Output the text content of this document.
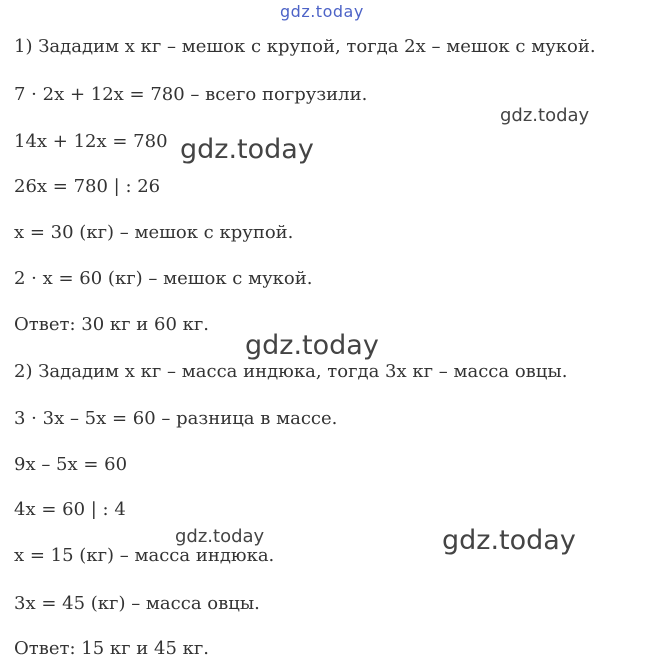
gdz.today

1) Зададим x кг – мешок с крупой, тогда 2x – мешок с мукой.

7 · 2x + 12x = 780 – всего погрузили.

14x + 12x = 780

26x = 780 | : 26

x = 30 (кг) – мешок с крупой.

2 · x = 60 (кг) – мешок с мукой.

Ответ: 30 кг и 60 кг.

2) Зададим x кг – масса индюка, тогда 3x кг – масса овцы.

3 · 3x – 5x = 60 – разница в массе.

9x – 5x = 60

4x = 60 | : 4

x = 15 (кг) – масса индюка.

3x = 45 (кг) – масса овцы.

Ответ: 15 кг и 45 кг.

gdz.today
gdz.today
gdz.today
gdz.today	gdz.today
